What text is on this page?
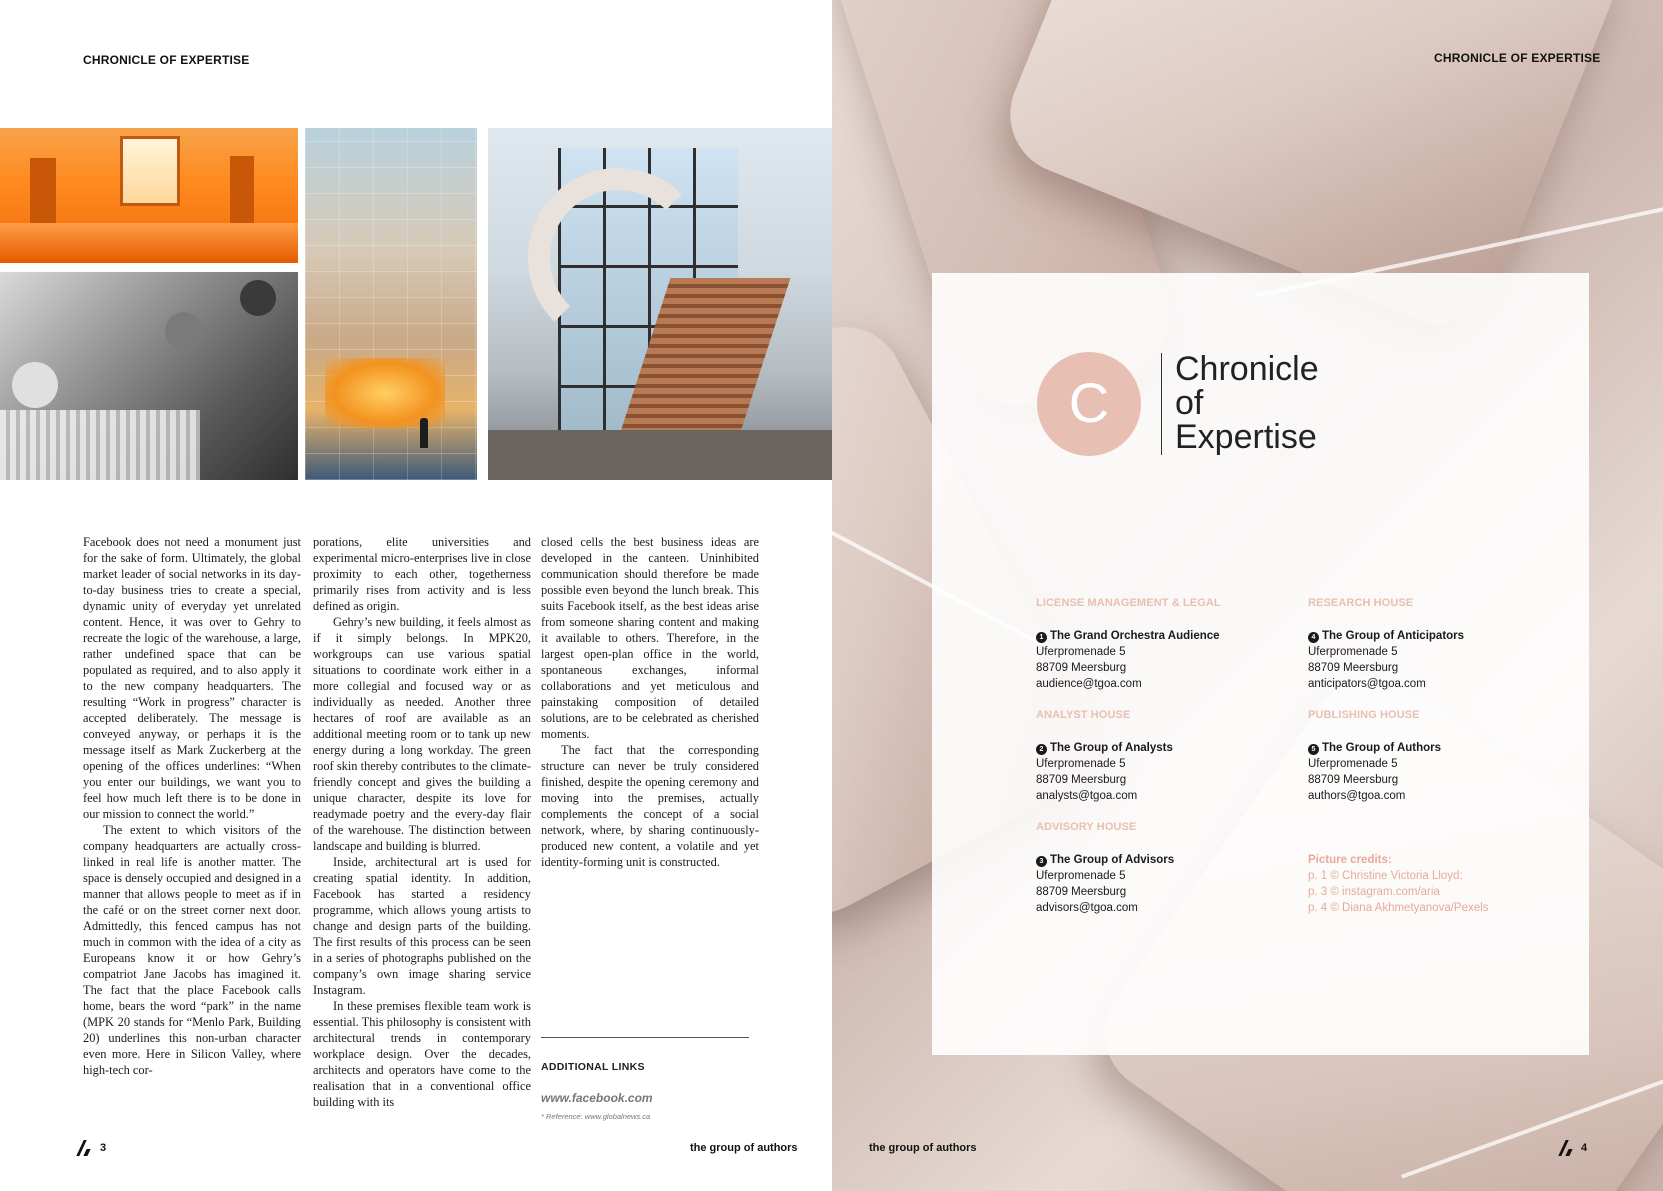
CHRONICLE OF EXPERTISE

Facebook does not need a monument just for the sake of form. Ultimately, the global market leader of social networks in its day-to-day business tries to create a special, dynamic unity of everyday yet unrelated content. Hence, it was over to Gehry to recreate the logic of the warehouse, a large, rather undefined space that can be populated as required, and to also apply it to the new company headquarters. The resulting “Work in progress” character is accepted deliberately. The message is conveyed anyway, or perhaps it is the message itself as Mark Zuckerberg at the opening of the offices underlines: “When you enter our buildings, we want you to feel how much left there is to be done in our mission to connect the world.”

The extent to which visitors of the company headquarters are actually cross-linked in real life is another matter. The space is densely occupied and designed in a manner that allows people to meet as if in the café or on the street corner next door. Admittedly, this fenced campus has not much in common with the idea of a city as Europeans know it or how Gehry’s compatriot Jane Jacobs has imagined it. The fact that the place Facebook calls home, bears the word “park” in the name (MPK 20 stands for “Menlo Park, Building 20) underlines this non-urban character even more. Here in Silicon Valley, where high-tech cor-

porations, elite universities and experimental micro-enterprises live in close proximity to each other, togetherness primarily rises from activity and is less defined as origin.

Gehry’s new building, it feels almost as if it simply belongs. In MPK20, workgroups can use various spatial situations to coordinate work either in a more collegial and focused way or as individually as needed. Another three hectares of roof are available as an additional meeting room or to tank up new energy during a long workday. The green roof skin thereby contributes to the climate-friendly concept and gives the building a unique character, despite its love for readymade poetry and the every-day flair of the warehouse. The distinction between landscape and building is blurred.

Inside, architectural art is used for creating spatial identity. In addition, Facebook has started a residency programme, which allows young artists to change and design parts of the building. The first results of this process can be seen in a series of photographs published on the company’s own image sharing service Instagram.

In these premises flexible team work is essential. This philosophy is consistent with architectural trends in contemporary workplace design. Over the decades, architects and operators have come to the realisation that in a conventional office building with its

closed cells the best business ideas are developed in the canteen. Uninhibited communication should therefore be made possible even beyond the lunch break. This suits Facebook itself, as the best ideas arise from someone sharing content and making it available to others. Therefore, in the largest open-plan office in the world, spontaneous exchanges, informal collaborations and yet meticulous and painstaking composition of detailed solutions, are to be celebrated as cherished moments.

The fact that the corresponding structure can never be truly considered finished, despite the opening ceremony and moving into the premises, actually complements the concept of a social network, where, by sharing continuously-produced new content, a volatile and yet identity-forming unit is constructed.

ADDITIONAL LINKS
www.facebook.com
* Reference: www.globalnews.ca
3	the group of authors
CHRONICLE OF EXPERTISE
C
Chronicle
of
Expertise
LICENSE MANAGEMENT & LEGAL
1 The Grand Orchestra Audience
Uferpromenade 5
88709 Meersburg
audience@tgoa.com
ANALYST HOUSE
2 The Group of Analysts
Uferpromenade 5
88709 Meersburg
analysts@tgoa.com
ADVISORY HOUSE
3 The Group of Advisors
Uferpromenade 5
88709 Meersburg
advisors@tgoa.com
RESEARCH HOUSE
4 The Group of Anticipators
Uferpromenade 5
88709 Meersburg
anticipators@tgoa.com
PUBLISHING HOUSE
5 The Group of Authors
Uferpromenade 5
88709 Meersburg
authors@tgoa.com
Picture credits:
p. 1 © Christine Victoria Lloyd;
p. 3 © instagram.com/aria
p. 4 © Diana Akhmetyanova/Pexels
the group of authors	4
